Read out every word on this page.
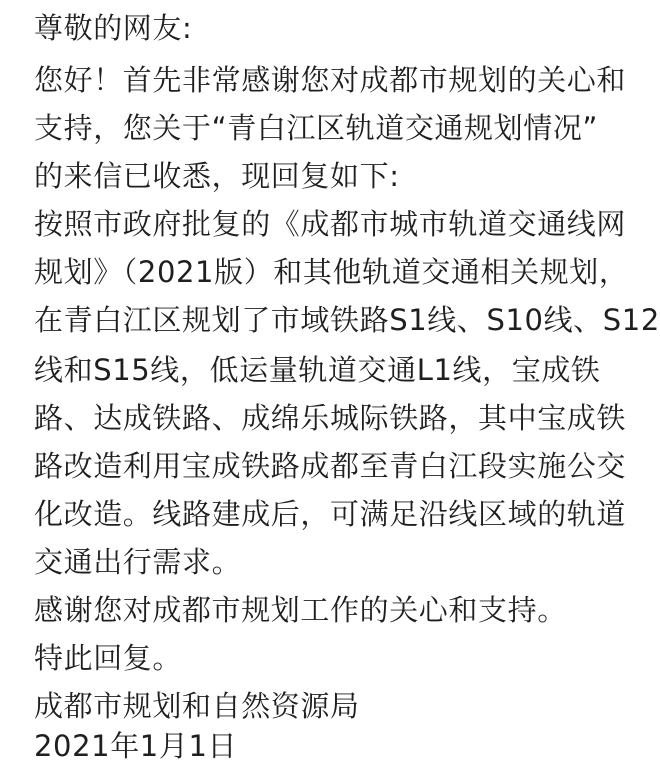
尊敬的网友:

您好！首先非常感谢您对成都市规划的关心和

支持，您关于“青白江区轨道交通规划情况”

的来信已收悉，现回复如下:

按照市政府批复的《成都市城市轨道交通线网

规划》（2021版）和其他轨道交通相关规划，

在青白江区规划了市域铁路S1线、S10线、S12

线和S15线，低运量轨道交通L1线，宝成铁

路、达成铁路、成绵乐城际铁路，其中宝成铁

路改造利用宝成铁路成都至青白江段实施公交

化改造。线路建成后，可满足沿线区域的轨道

交通出行需求。

感谢您对成都市规划工作的关心和支持。

特此回复。

成都市规划和自然资源局

2021年1月1日
